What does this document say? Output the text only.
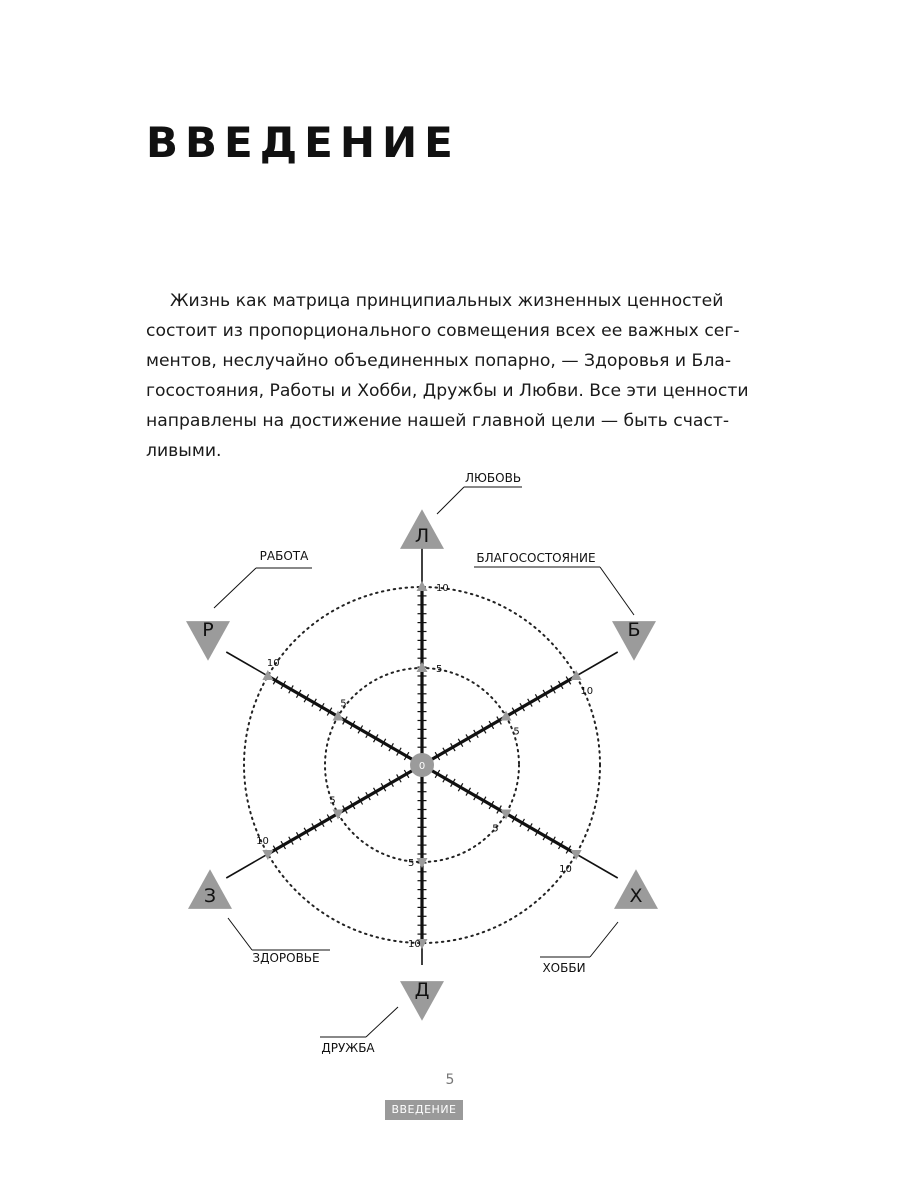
ВВЕДЕНИЕ

Жизнь как матрица принципиальных жизненных ценностей
состоит из пропорционального совмещения всех ее важных сег-
ментов, неслучайно объединенных попарно, — Здоровья и Бла-
госостояния, Работы и Хобби, Дружбы и Любви. Все эти ценности
направлены на достижение нашей главной цели — быть счаст-
ливыми.

5
10
5
10
5
10
5
10
5
10
5
10
Л
ЛЮБОВЬ
Б
БЛАГОСОСТОЯНИЕ
Х
ХОББИ
Д
ДРУЖБА
З
ЗДОРОВЬЕ
Р
РАБОТА
0
5
ВВЕДЕНИЕ
